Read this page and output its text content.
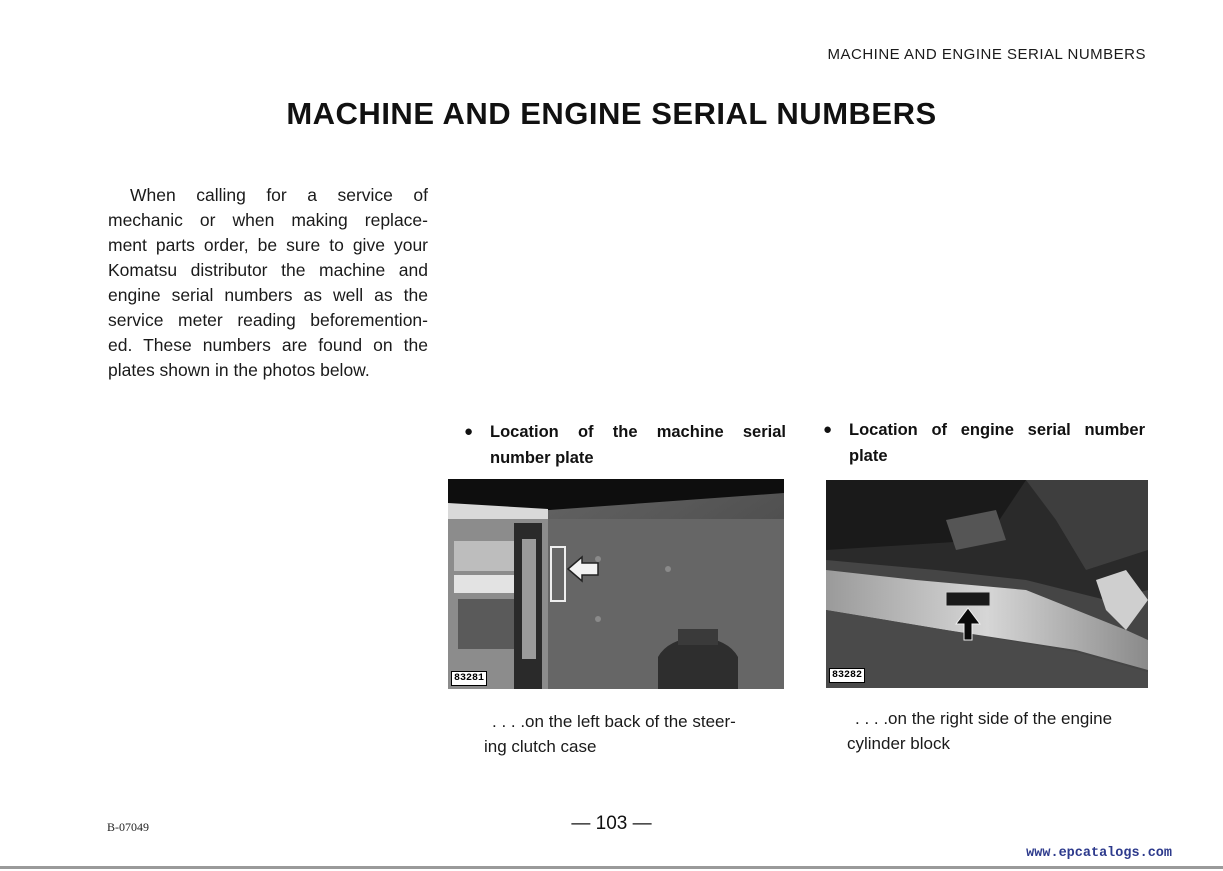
MACHINE AND ENGINE SERIAL NUMBERS
MACHINE AND ENGINE SERIAL NUMBERS
When calling for a service of
mechanic or when making replace-
ment parts order, be sure to give your
Komatsu distributor the machine and
engine serial numbers as well as the
service meter reading beforemention-
ed. These numbers are found on the
plates shown in the photos below.
● Location of the machine serial
number plate
83281
. . . .on the left back of the steer-
ing clutch case
● Location of engine serial number
plate
83282
. . . .on the right side of the engine
cylinder block
B-07049	— 103 —
www.epcatalogs.com
